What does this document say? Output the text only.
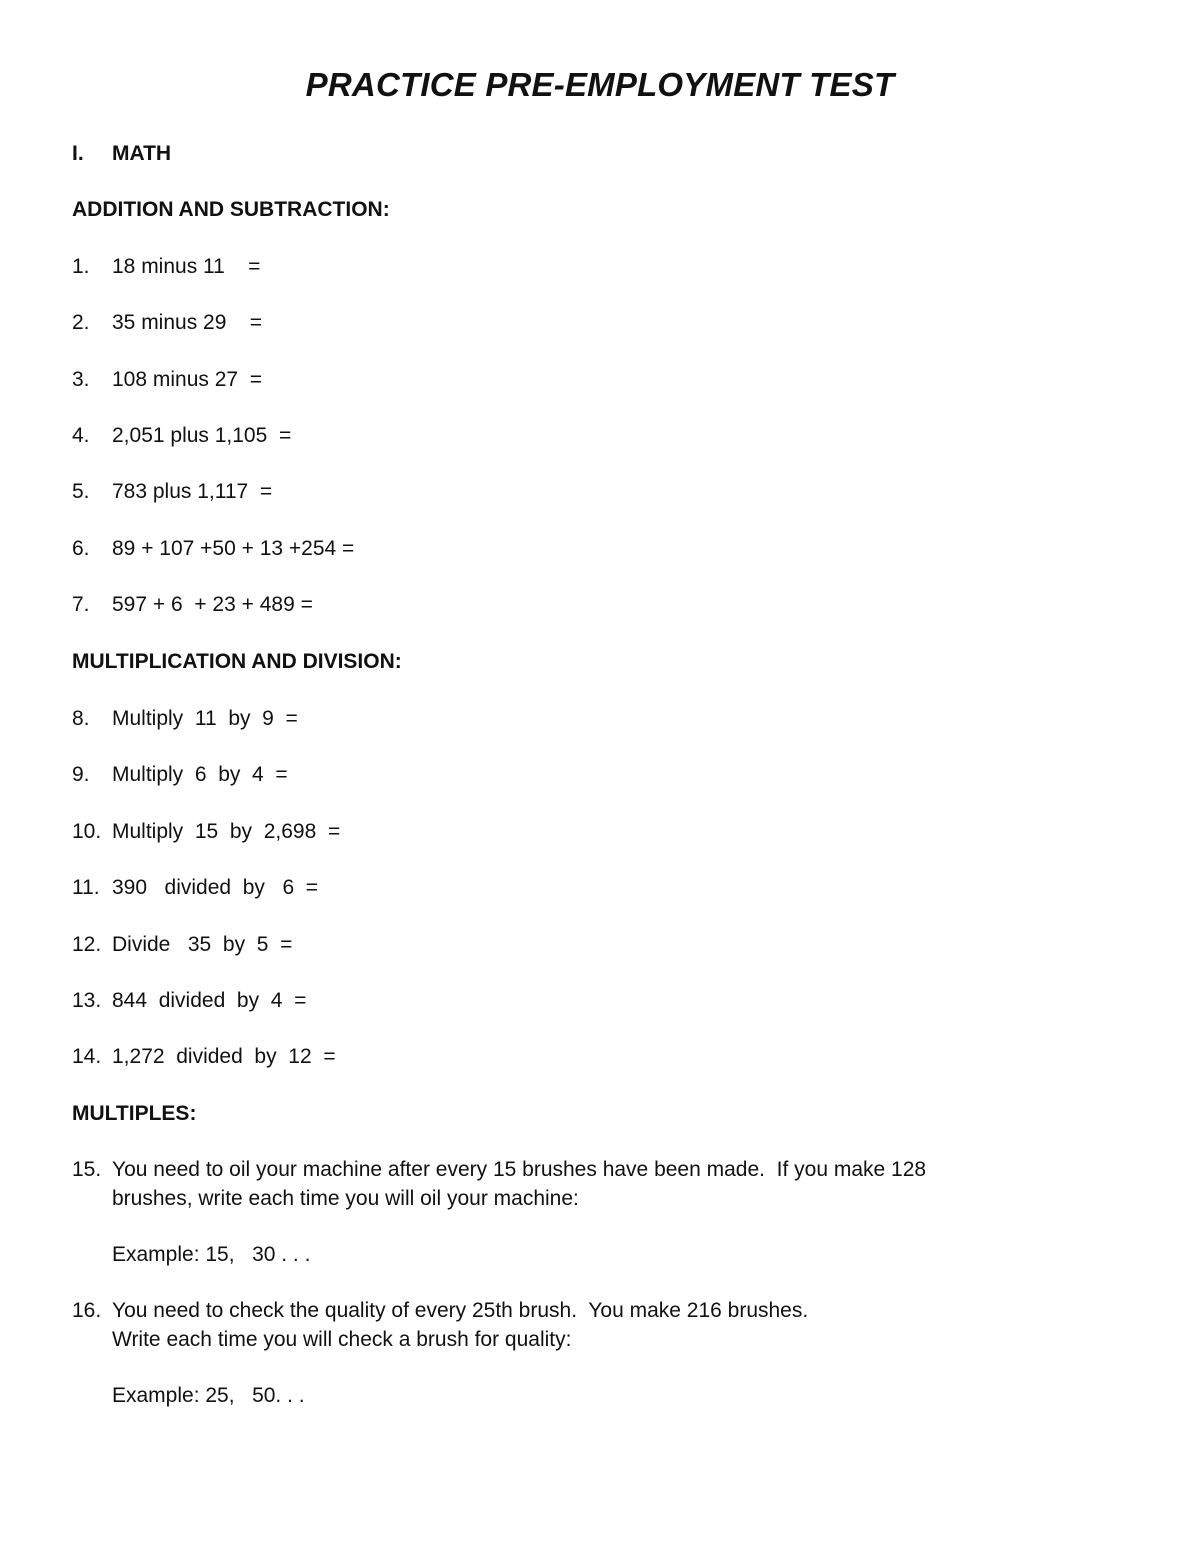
PRACTICE PRE-EMPLOYMENT TEST
I. MATH
ADDITION AND SUBTRACTION:
1. 18 minus 11    =
2. 35 minus 29    =
3. 108 minus 27  =
4. 2,051 plus 1,105  =
5. 783 plus 1,117  =
6. 89 + 107 +50 + 13 +254 =
7. 597 + 6  + 23 + 489 =
MULTIPLICATION AND DIVISION:
8. Multiply  11  by  9  =
9. Multiply  6  by  4  =
10. Multiply  15  by  2,698  =
11. 390   divided  by   6  =
12. Divide   35  by  5  =
13. 844  divided  by  4  =
14. 1,272  divided  by  12  =
MULTIPLES:
15. You need to oil your machine after every 15 brushes have been made.  If you make 128
brushes, write each time you will oil your machine:
Example: 15,   30 . . .
16. You need to check the quality of every 25th brush.  You make 216 brushes.
Write each time you will check a brush for quality:
Example: 25,   50. . .
